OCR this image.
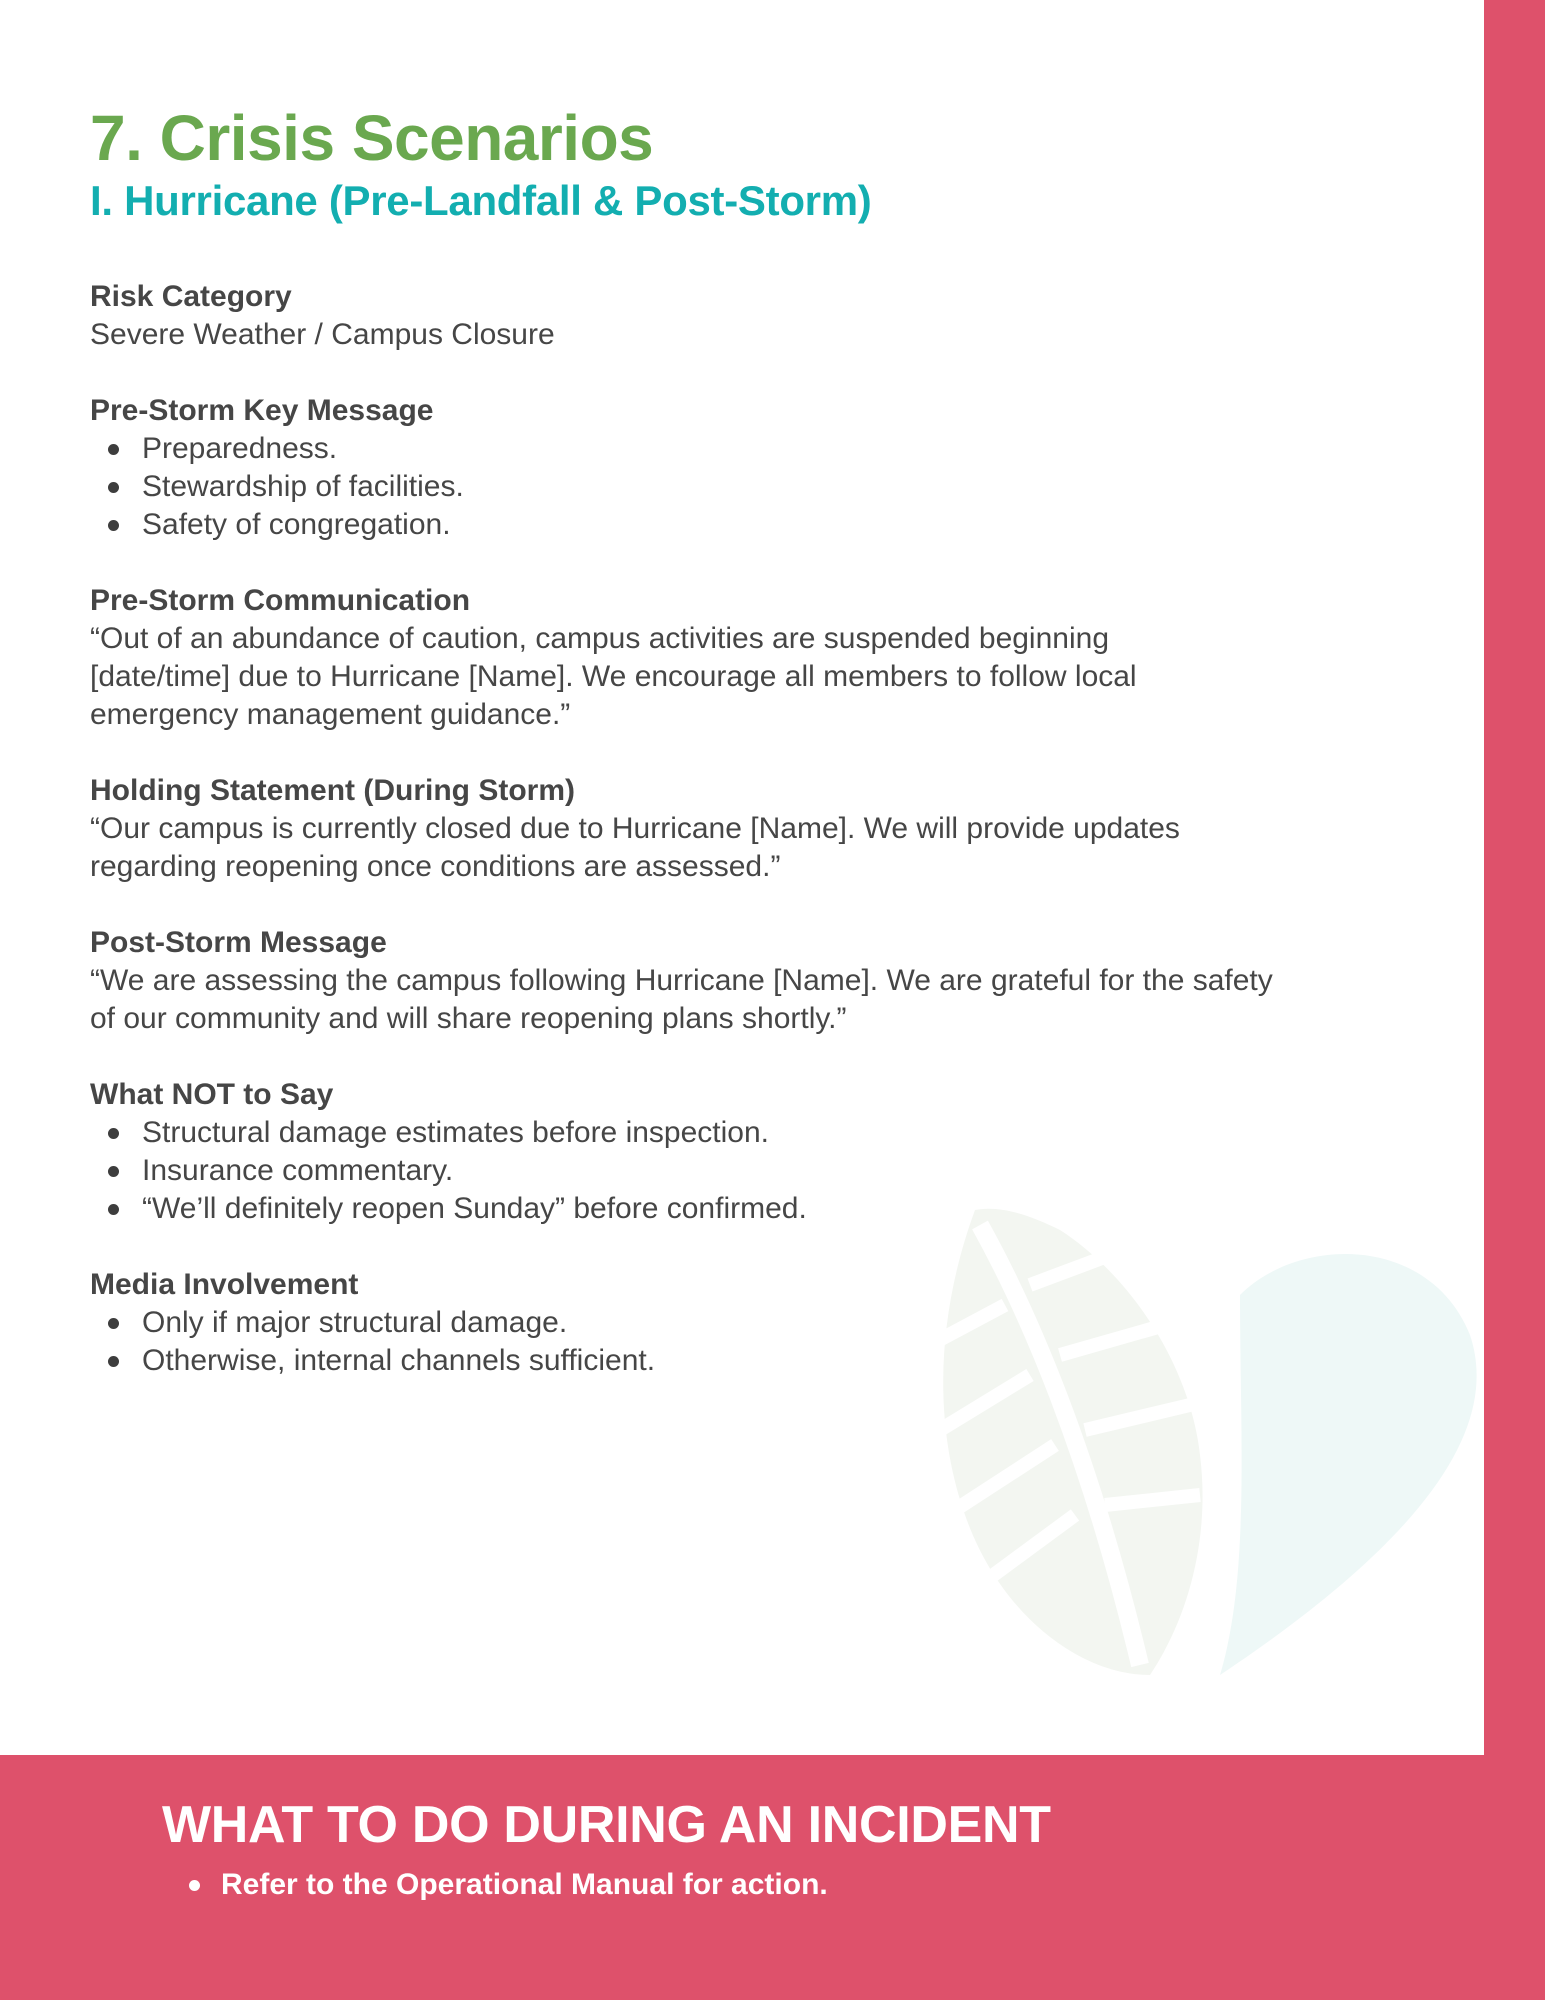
7. Crisis Scenarios
I. Hurricane (Pre-Landfall & Post-Storm)

Risk Category

Severe Weather / Campus Closure

Pre-Storm Key Message

Preparedness.
Stewardship of facilities.
Safety of congregation.

Pre-Storm Communication

“Out of an abundance of caution, campus activities are suspended beginning

[date/time] due to Hurricane [Name]. We encourage all members to follow local

emergency management guidance.”

Holding Statement (During Storm)

“Our campus is currently closed due to Hurricane [Name]. We will provide updates

regarding reopening once conditions are assessed.”

Post-Storm Message

“We are assessing the campus following Hurricane [Name]. We are grateful for the safety

of our community and will share reopening plans shortly.”

What NOT to Say

Structural damage estimates before inspection.
Insurance commentary.
“We’ll definitely reopen Sunday” before confirmed.

Media Involvement

Only if major structural damage.
Otherwise, internal channels sufficient.
WHAT TO DO DURING AN INCIDENT
Refer to the Operational Manual for action.
